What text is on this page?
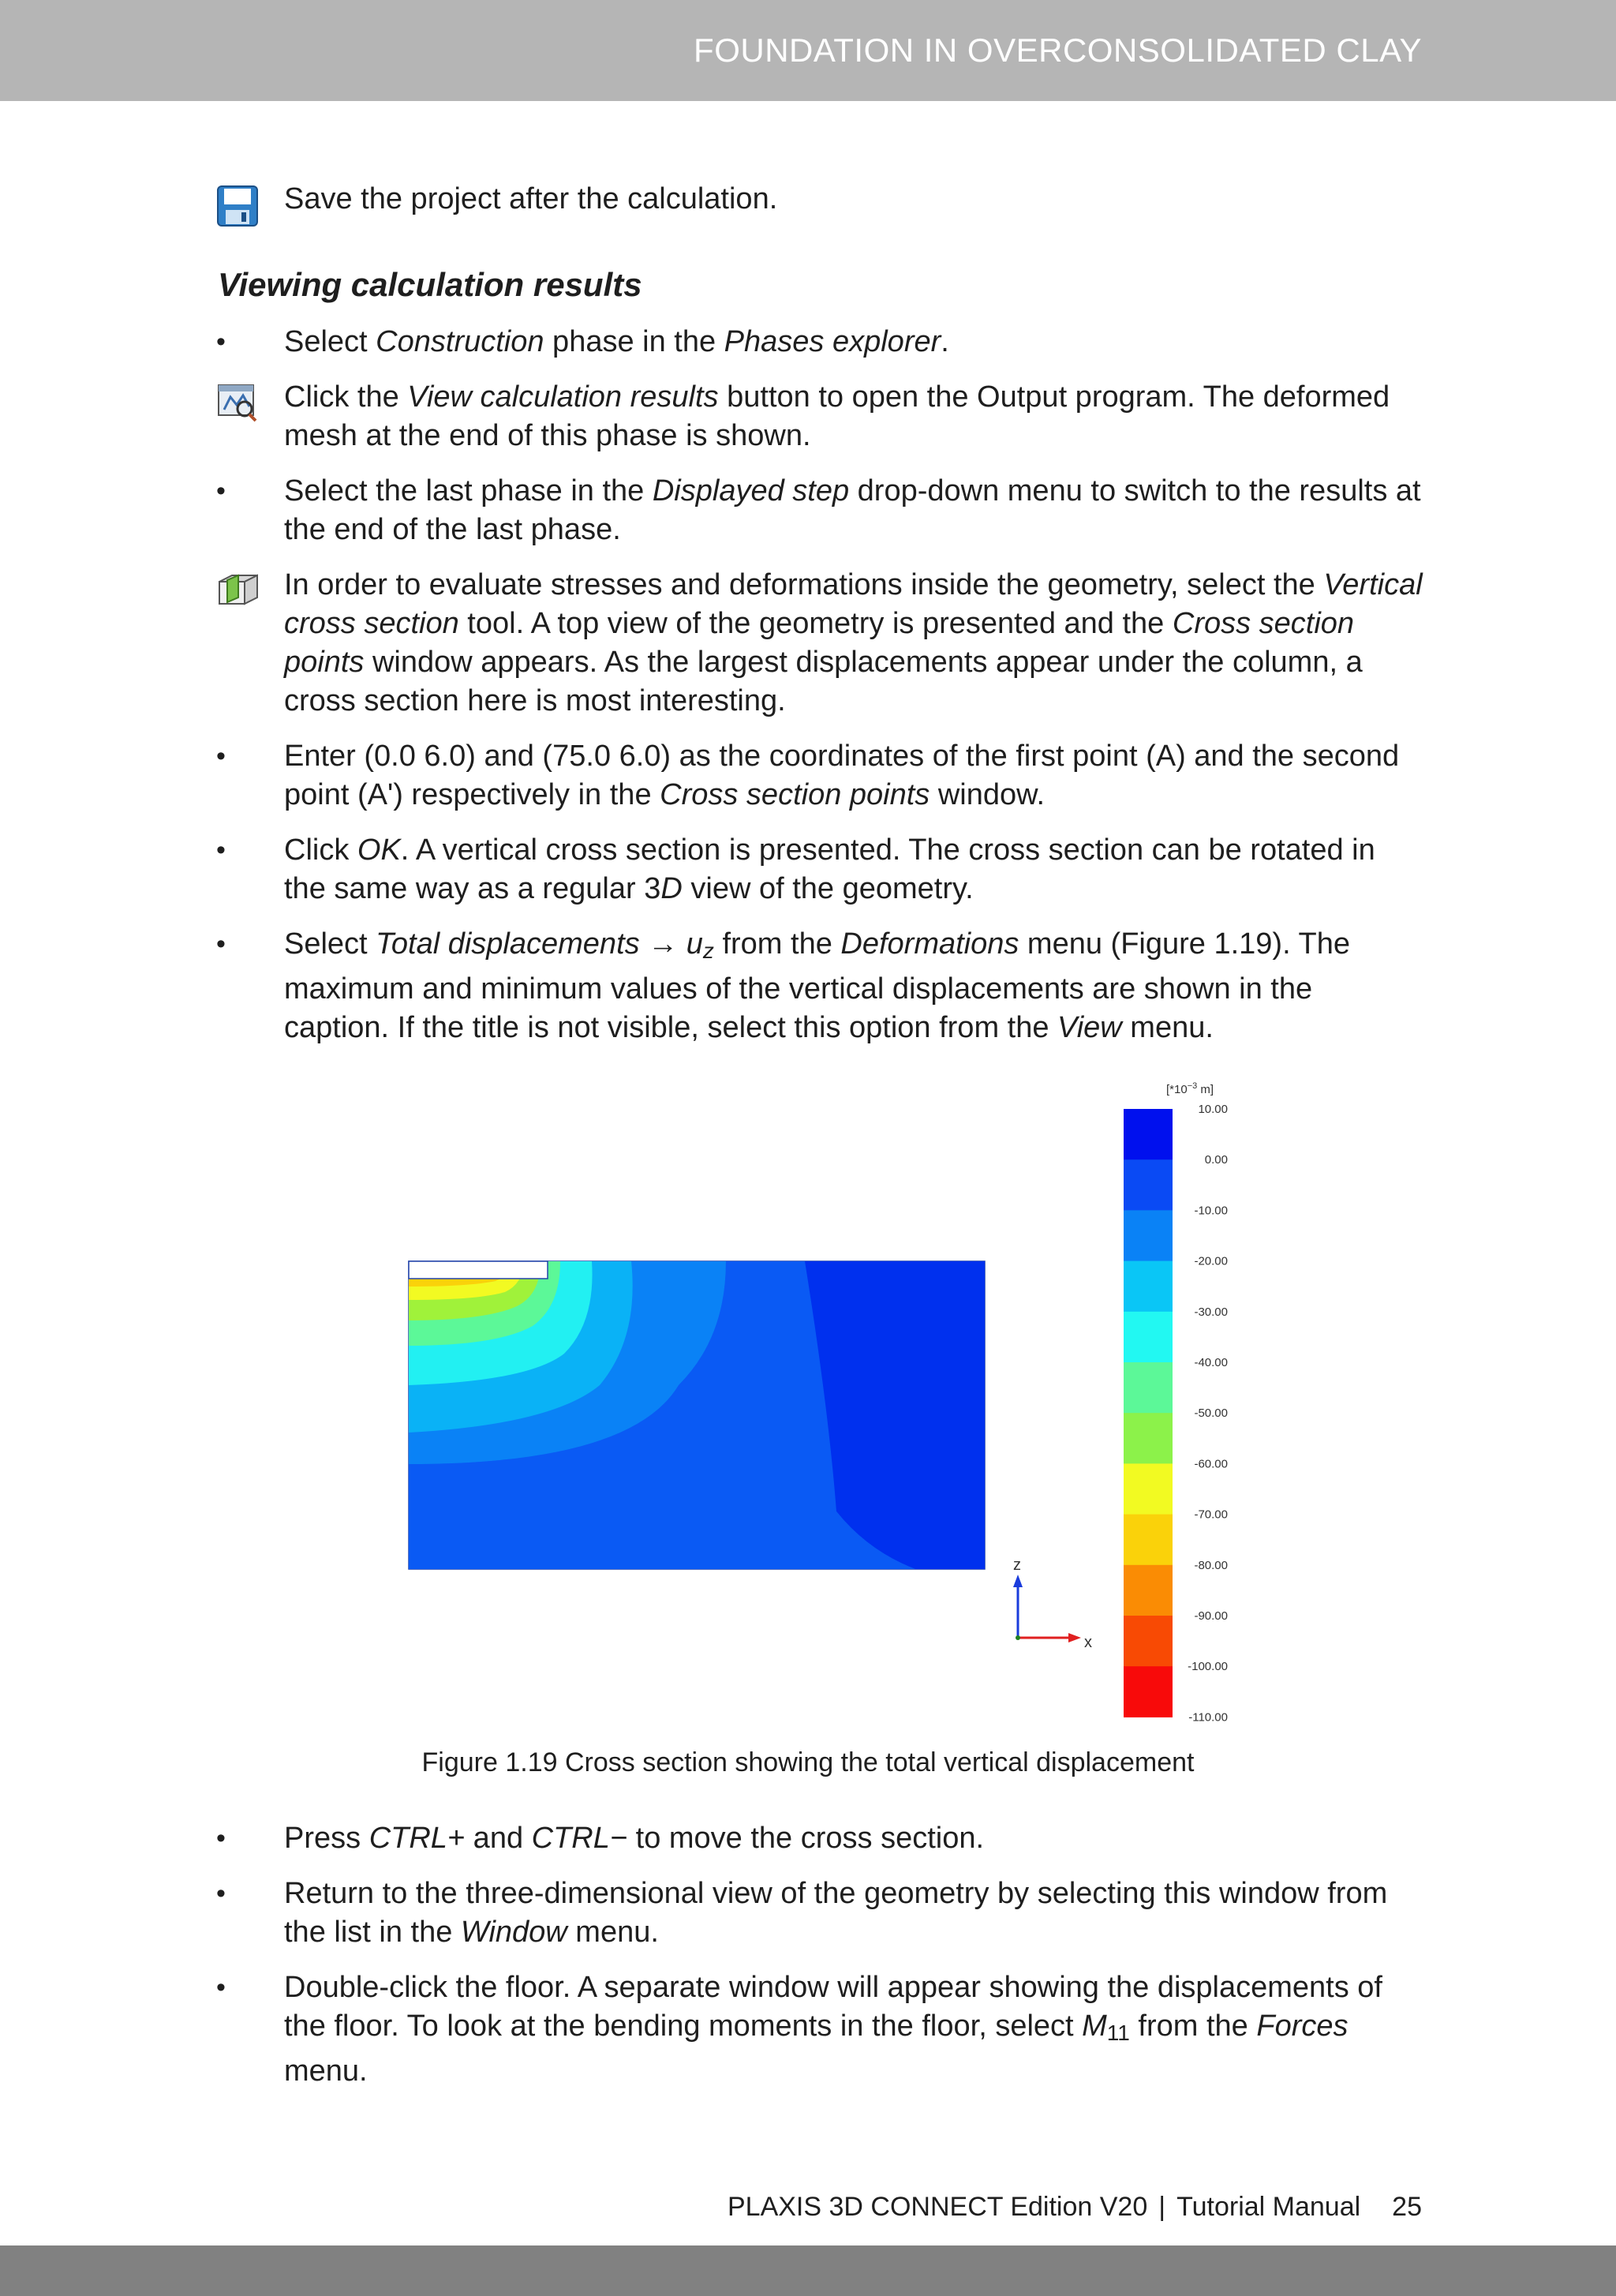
FOUNDATION IN OVERCONSOLIDATED CLAY
Save the project after the calculation.
Viewing calculation results
•	Select Construction phase in the Phases explorer.
Click the View calculation results button to open the Output program. The deformed mesh at the end of this phase is shown.
•	Select the last phase in the Displayed step drop-down menu to switch to the results at the end of the last phase.
In order to evaluate stresses and deformations inside the geometry, select the Vertical cross section tool. A top view of the geometry is presented and the Cross section points window appears. As the largest displacements appear under the column, a cross section here is most interesting.
•	Enter (0.0 6.0) and (75.0 6.0) as the coordinates of the first point (A) and the second point (A') respectively in the Cross section points window.
•	Click OK. A vertical cross section is presented. The cross section can be rotated in the same way as a regular 3D view of the geometry.
•	Select Total displacements → $u_z$ from the Deformations menu (Figure 1.19). The maximum and minimum values of the vertical displacements are shown in the caption. If the title is not visible, select this option from the View menu.
z
x
[$*10^{-3}$ m]
10.00
0.00
-10.00
-20.00
-30.00
-40.00
-50.00
-60.00
-70.00
-80.00
-90.00
-100.00
-110.00
Figure 1.19 Cross section showing the total vertical displacement
•	Press CTRL+ and CTRL− to move the cross section.
•	Return to the three-dimensional view of the geometry by selecting this window from the list in the Window menu.
•	Double-click the floor. A separate window will appear showing the displacements of the floor. To look at the bending moments in the floor, select $M_{11}$ from the Forces menu.
PLAXIS 3D CONNECT Edition V20 | Tutorial Manual 25
